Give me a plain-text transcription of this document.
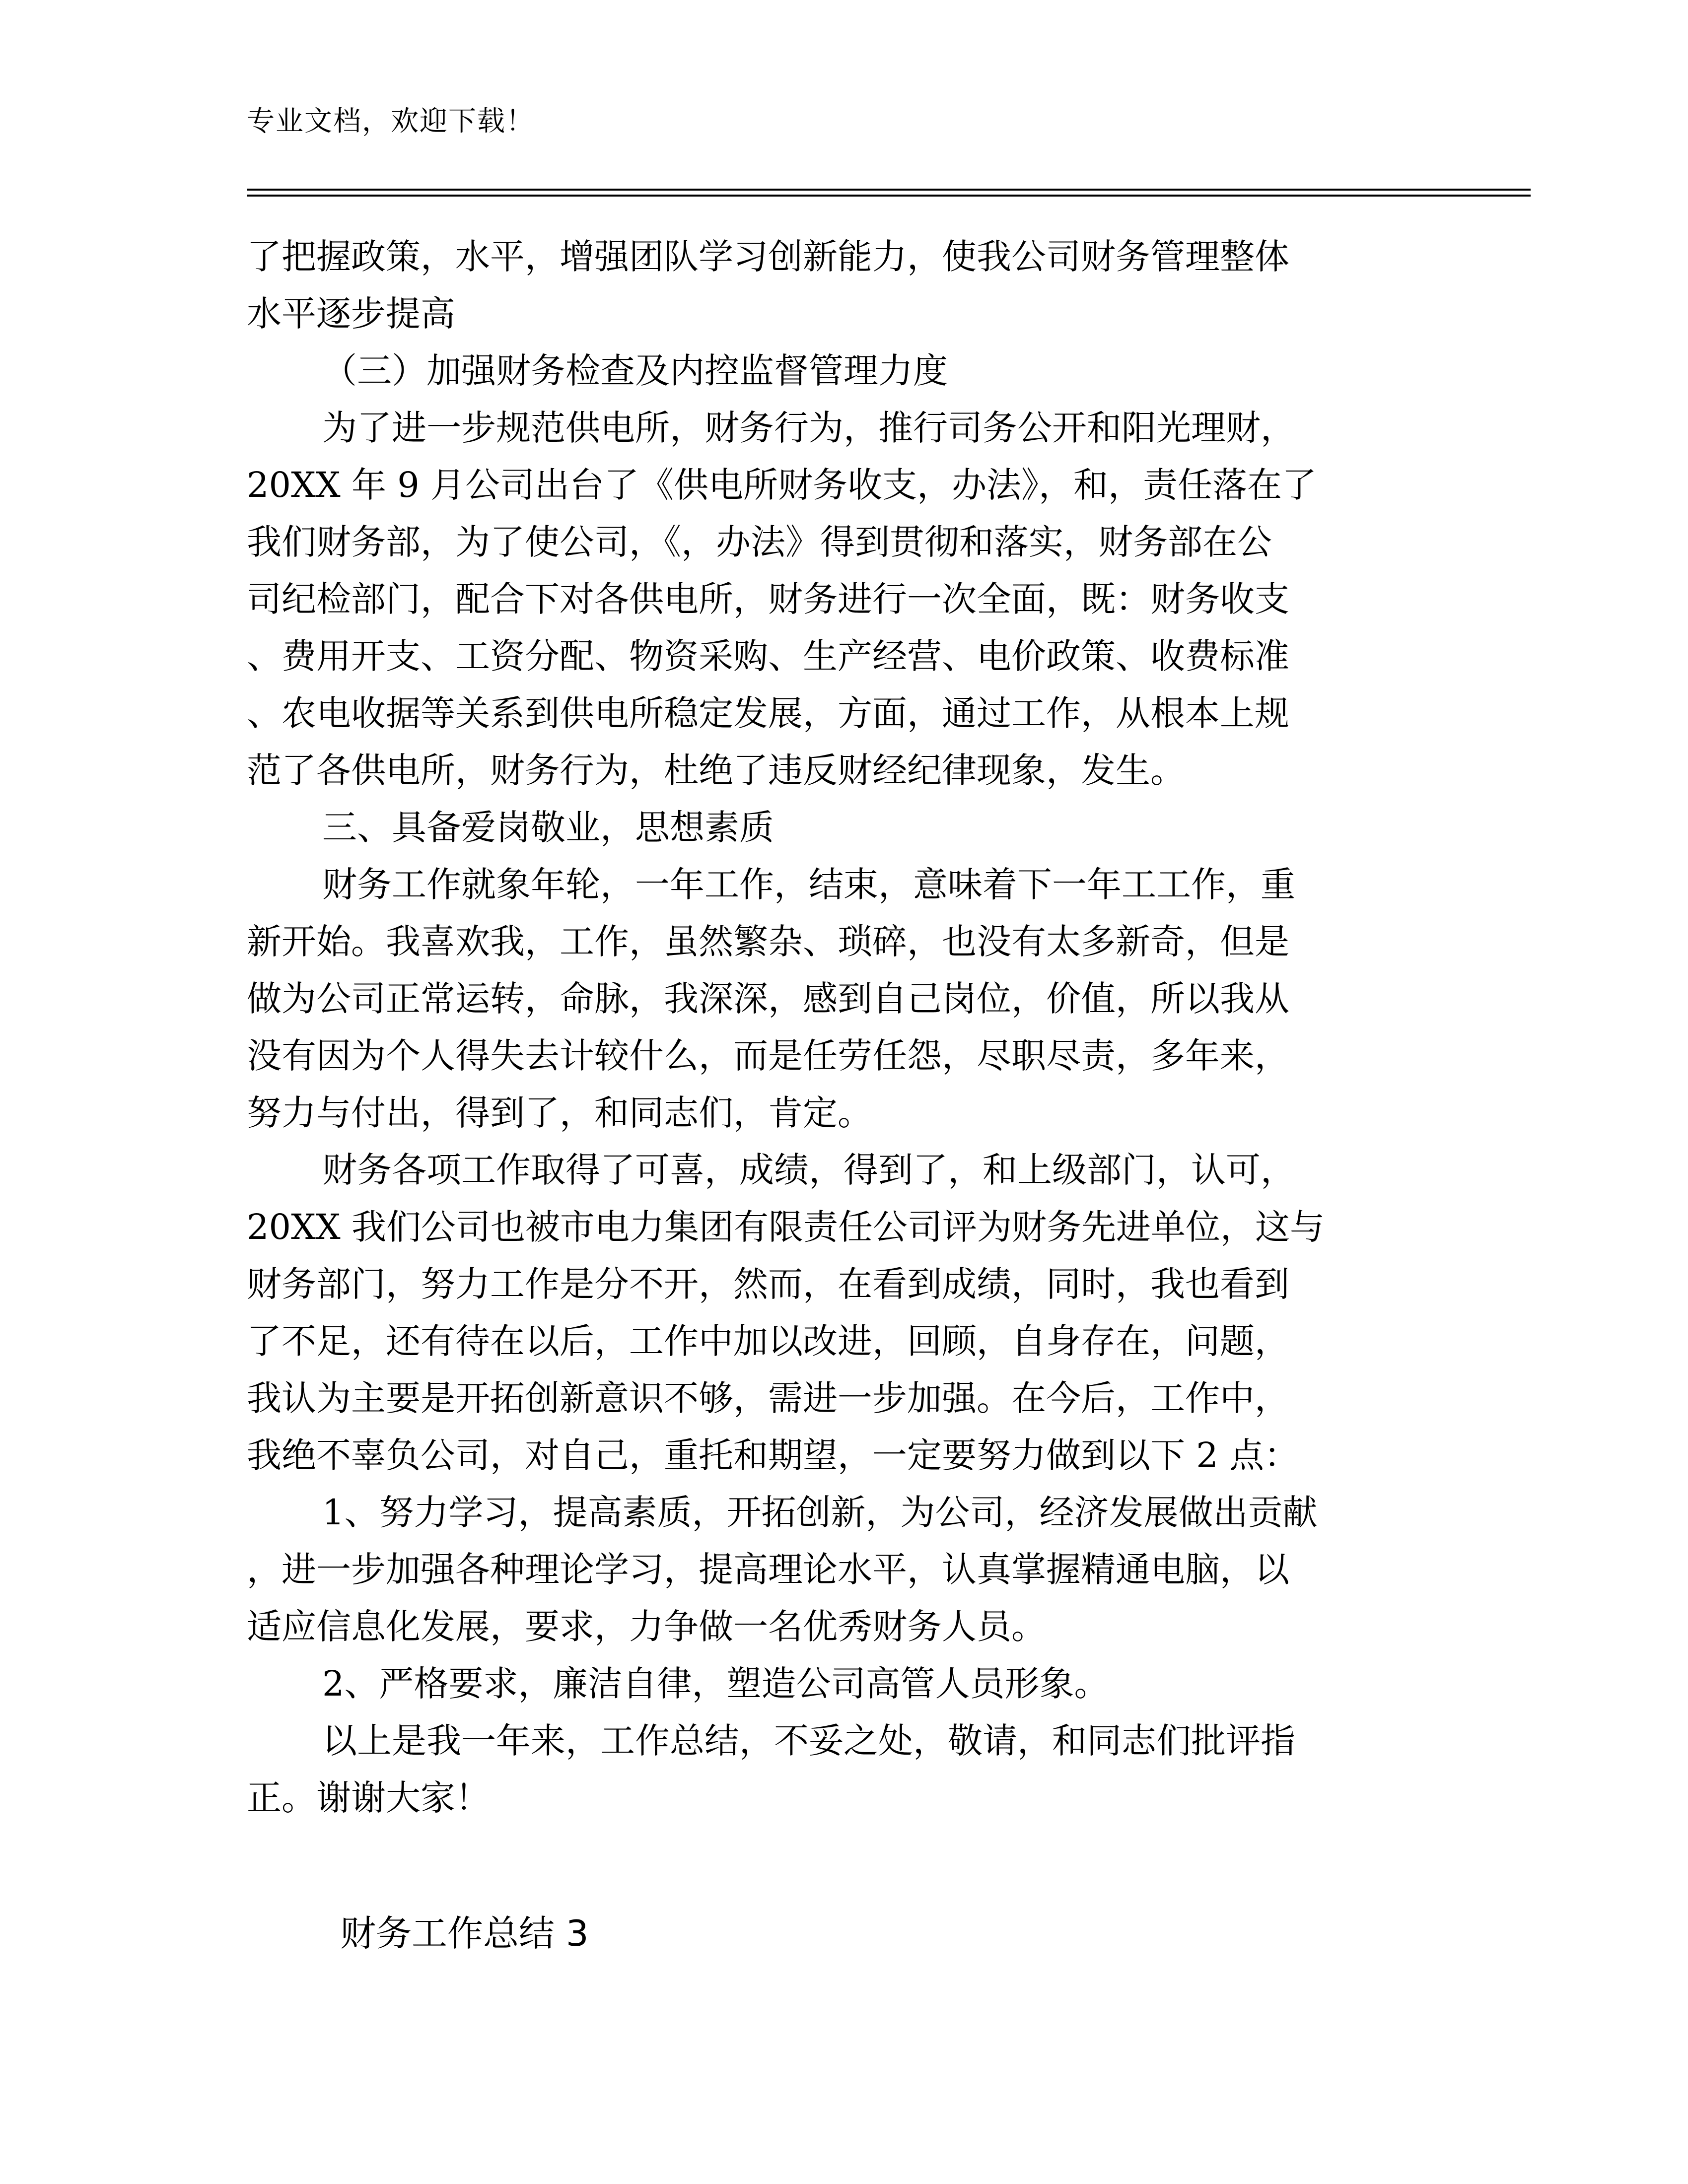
专业文档，欢迎下载！
了把握政策，水平，增强团队学习创新能力，使我公司财务管理整体
水平逐步提高
（三）加强财务检查及内控监督管理力度
为了进一步规范供电所，财务行为，推行司务公开和阳光理财，
20XX 年 9 月公司出台了《供电所财务收支，办法》，和，责任落在了
我们财务部，为了使公司，《，办法》得到贯彻和落实，财务部在公
司纪检部门，配合下对各供电所，财务进行一次全面，既：财务收支
、费用开支、工资分配、物资采购、生产经营、电价政策、收费标准
、农电收据等关系到供电所稳定发展，方面，通过工作，从根本上规
范了各供电所，财务行为，杜绝了违反财经纪律现象，发生。
三、具备爱岗敬业，思想素质
财务工作就象年轮，一年工作，结束，意味着下一年工工作，重
新开始。我喜欢我，工作，虽然繁杂、琐碎，也没有太多新奇，但是
做为公司正常运转，命脉，我深深，感到自己岗位，价值，所以我从
没有因为个人得失去计较什么，而是任劳任怨，尽职尽责，多年来，
努力与付出，得到了，和同志们，肯定。
财务各项工作取得了可喜，成绩，得到了，和上级部门，认可，
20XX 我们公司也被市电力集团有限责任公司评为财务先进单位，这与
财务部门，努力工作是分不开，然而，在看到成绩，同时，我也看到
了不足，还有待在以后，工作中加以改进，回顾，自身存在，问题，
我认为主要是开拓创新意识不够，需进一步加强。在今后，工作中，
我绝不辜负公司，对自己，重托和期望，一定要努力做到以下 2 点：
1、努力学习，提高素质，开拓创新，为公司，经济发展做出贡献
，进一步加强各种理论学习，提高理论水平，认真掌握精通电脑，以
适应信息化发展，要求，力争做一名优秀财务人员。
2、严格要求，廉洁自律，塑造公司高管人员形象。
以上是我一年来，工作总结，不妥之处，敬请，和同志们批评指
正。谢谢大家！
财务工作总结 3
